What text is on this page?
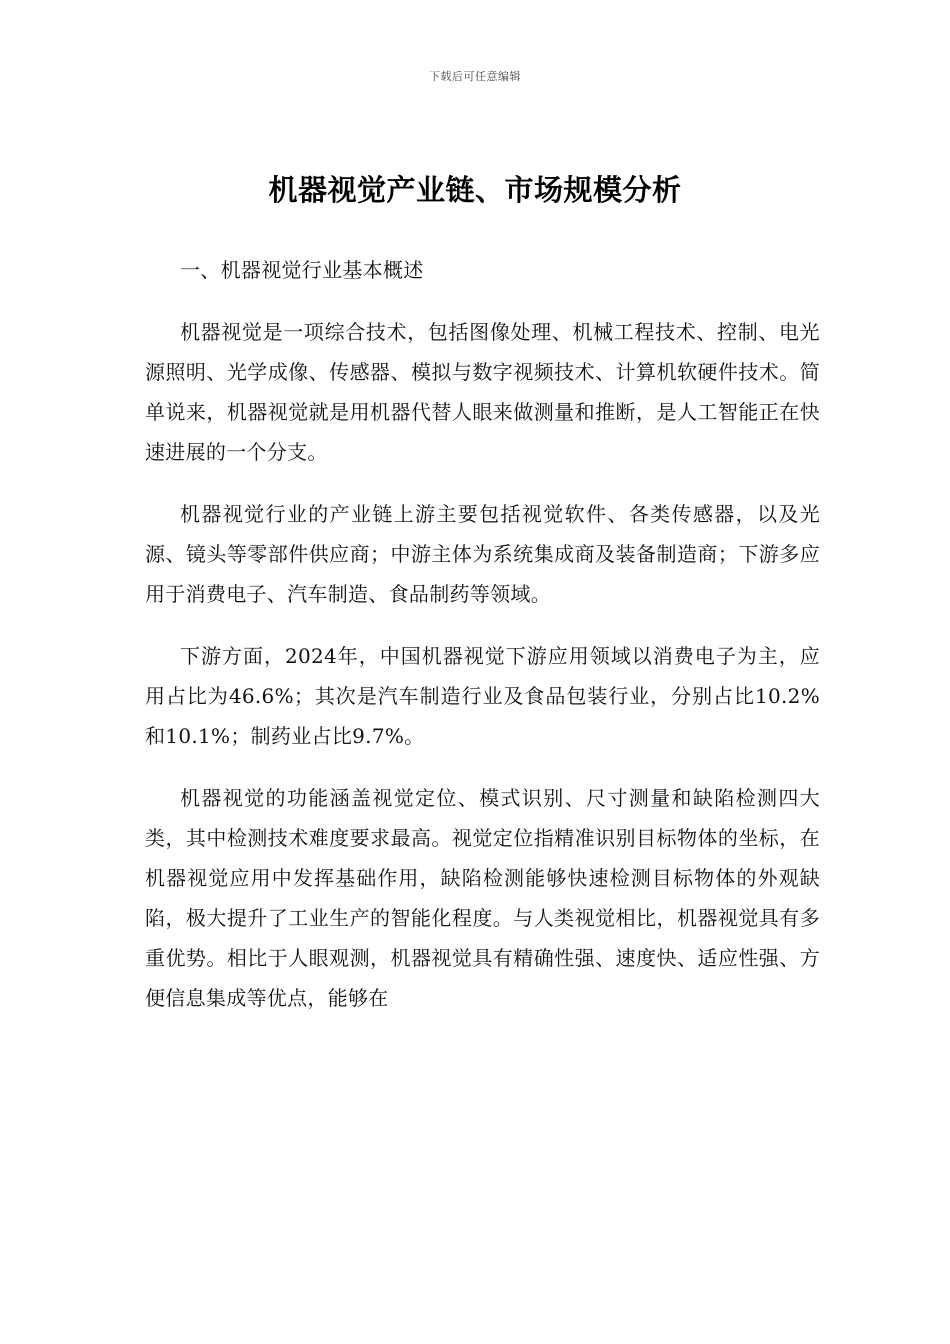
下载后可任意编辑
机器视觉产业链、市场规模分析

一、机器视觉行业基本概述

机器视觉是一项综合技术，包括图像处理、机械工程技术、控制、电光源照明、光学成像、传感器、模拟与数字视频技术、计算机软硬件技术。简单说来，机器视觉就是用机器代替人眼来做测量和推断，是人工智能正在快速进展的一个分支。

机器视觉行业的产业链上游主要包括视觉软件、各类传感器，以及光源、镜头等零部件供应商；中游主体为系统集成商及装备制造商；下游多应用于消费电子、汽车制造、食品制药等领域。

下游方面，2024年，中国机器视觉下游应用领域以消费电子为主，应用占比为46.6%；其次是汽车制造行业及食品包装行业，分别占比10.2%和10.1%；制药业占比9.7%。

机器视觉的功能涵盖视觉定位、模式识别、尺寸测量和缺陷检测四大类，其中检测技术难度要求最高。视觉定位指精准识别目标物体的坐标，在机器视觉应用中发挥基础作用，缺陷检测能够快速检测目标物体的外观缺陷，极大提升了工业生产的智能化程度。与人类视觉相比，机器视觉具有多重优势。相比于人眼观测，机器视觉具有精确性强、速度快、适应性强、方便信息集成等优点，能够在
